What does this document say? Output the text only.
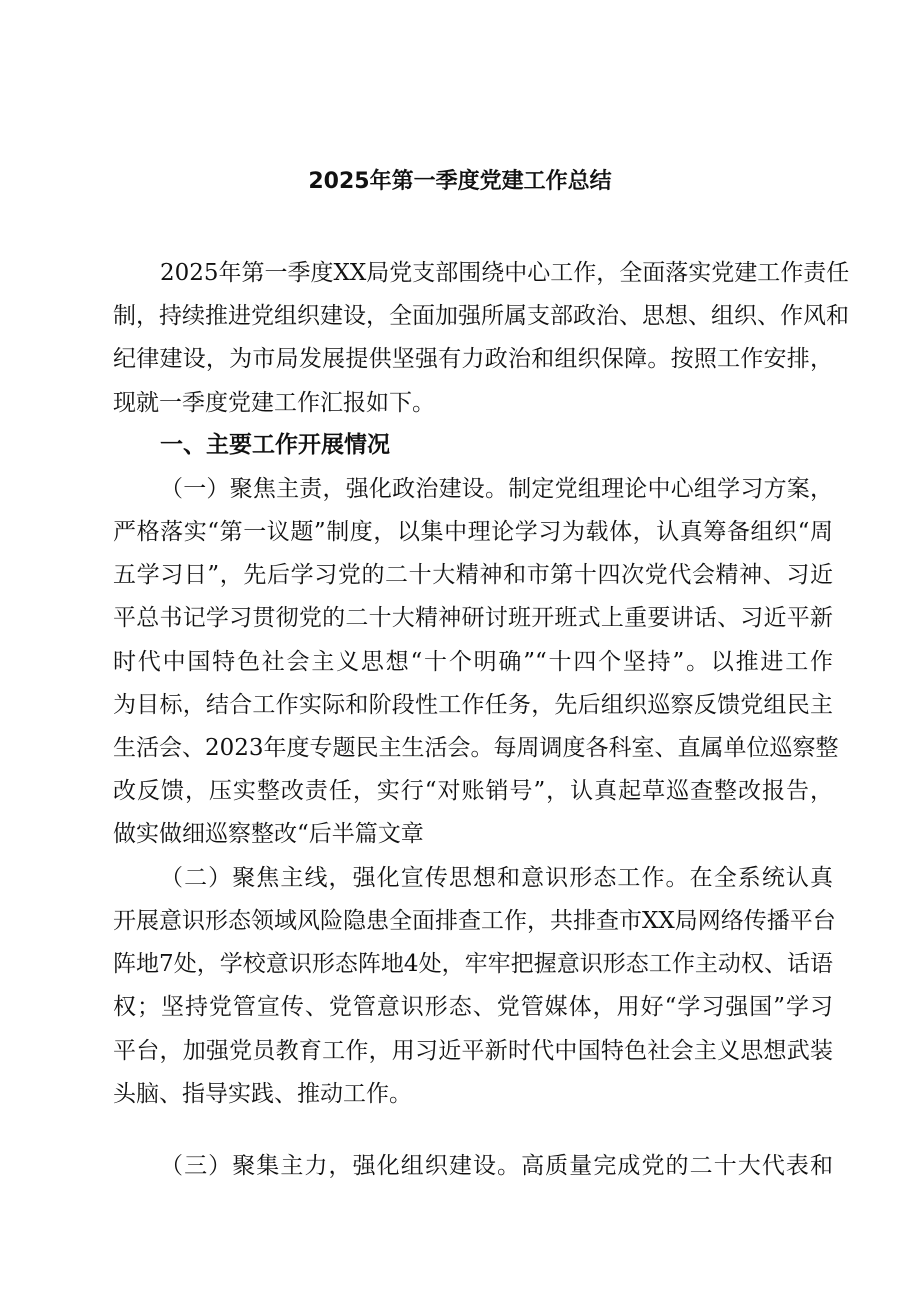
2025年第一季度党建工作总结
2025年第一季度XX局党支部围绕中心工作，全面落实党建工作责任
制，持续推进党组织建设，全面加强所属支部政治、思想、组织、作风和
纪律建设，为市局发展提供坚强有力政治和组织保障。按照工作安排，
现就一季度党建工作汇报如下。
一、主要工作开展情况
（一）聚焦主责，强化政治建设。制定党组理论中心组学习方案，
严格落实“第一议题”制度，以集中理论学习为载体，认真筹备组织“周
五学习日”，先后学习党的二十大精神和市第十四次党代会精神、习近
平总书记学习贯彻党的二十大精神研讨班开班式上重要讲话、习近平新
时代中国特色社会主义思想“十个明确”“十四个坚持”。以推进工作
为目标，结合工作实际和阶段性工作任务，先后组织巡察反馈党组民主
生活会、2023年度专题民主生活会。每周调度各科室、直属单位巡察整
改反馈，压实整改责任，实行“对账销号”，认真起草巡查整改报告，
做实做细巡察整改“后半篇文章
（二）聚焦主线，强化宣传思想和意识形态工作。在全系统认真
开展意识形态领域风险隐患全面排查工作，共排查市XX局网络传播平台
阵地7处，学校意识形态阵地4处，牢牢把握意识形态工作主动权、话语
权；坚持党管宣传、党管意识形态、党管媒体，用好“学习强国”学习
平台，加强党员教育工作，用习近平新时代中国特色社会主义思想武装
头脑、指导实践、推动工作。
（三）聚集主力，强化组织建设。高质量完成党的二十大代表和
